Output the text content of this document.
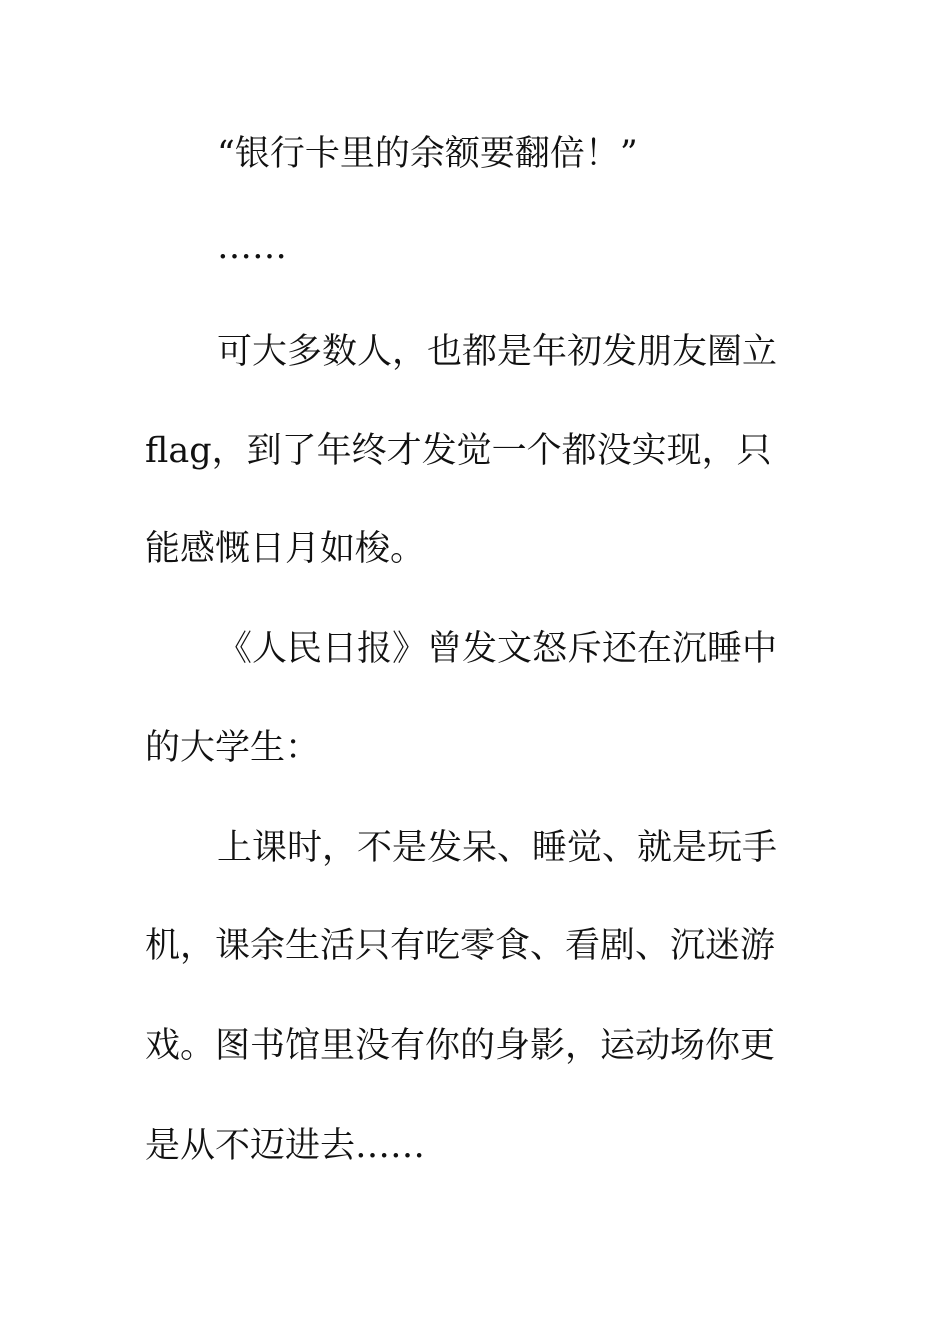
“银行卡里的余额要翻倍！”
……
可大多数人，也都是年初发朋友圈立
flag，到了年终才发觉一个都没实现，只
能感慨日月如梭。
《人民日报》曾发文怒斥还在沉睡中
的大学生：
上课时，不是发呆、睡觉、就是玩手
机，课余生活只有吃零食、看剧、沉迷游
戏。图书馆里没有你的身影，运动场你更
是从不迈进去……
